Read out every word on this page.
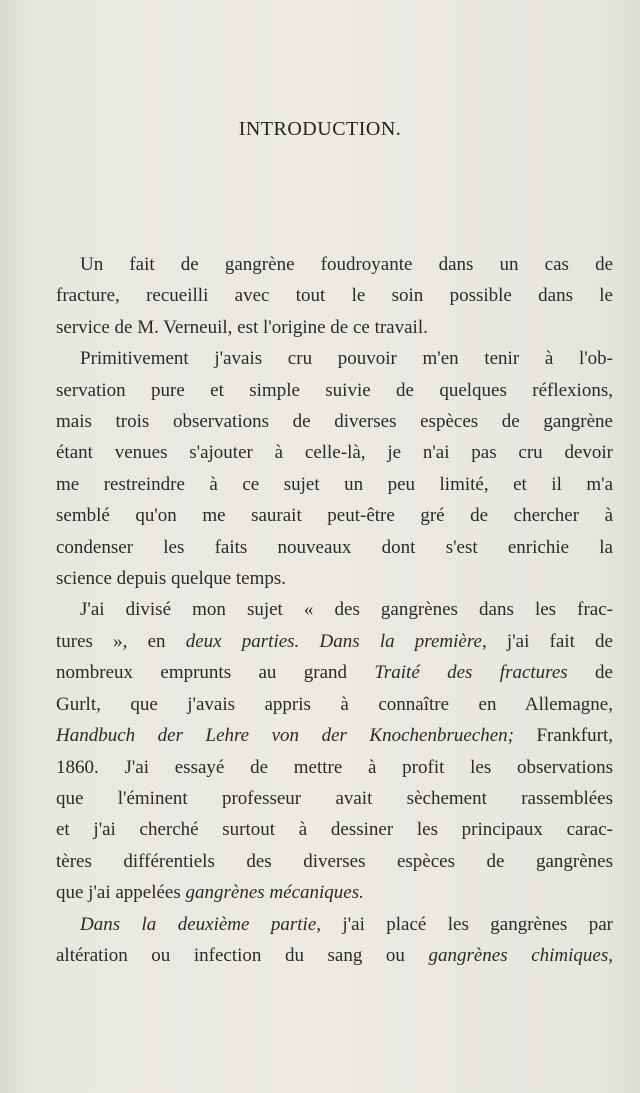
INTRODUCTION.
Un fait de gangrène foudroyante dans un cas de
fracture, recueilli avec tout le soin possible dans le
service de M. Verneuil, est l'origine de ce travail.
Primitivement j'avais cru pouvoir m'en tenir à l'ob-
servation pure et simple suivie de quelques réflexions,
mais trois observations de diverses espèces de gangrène
étant venues s'ajouter à celle-là, je n'ai pas cru devoir
me restreindre à ce sujet un peu limité, et il m'a
semblé qu'on me saurait peut-être gré de chercher à
condenser les faits nouveaux dont s'est enrichie la
science depuis quelque temps.
J'ai divisé mon sujet « des gangrènes dans les frac-
tures », en deux parties. Dans la première, j'ai fait de
nombreux emprunts au grand Traité des fractures de
Gurlt, que j'avais appris à connaître en Allemagne,
Handbuch der Lehre von der Knochenbruechen; Frankfurt,
1860. J'ai essayé de mettre à profit les observations
que l'éminent professeur avait sèchement rassemblées
et j'ai cherché surtout à dessiner les principaux carac-
tères différentiels des diverses espèces de gangrènes
que j'ai appelées gangrènes mécaniques.
Dans la deuxième partie, j'ai placé les gangrènes par
altération ou infection du sang ou gangrènes chimiques,
